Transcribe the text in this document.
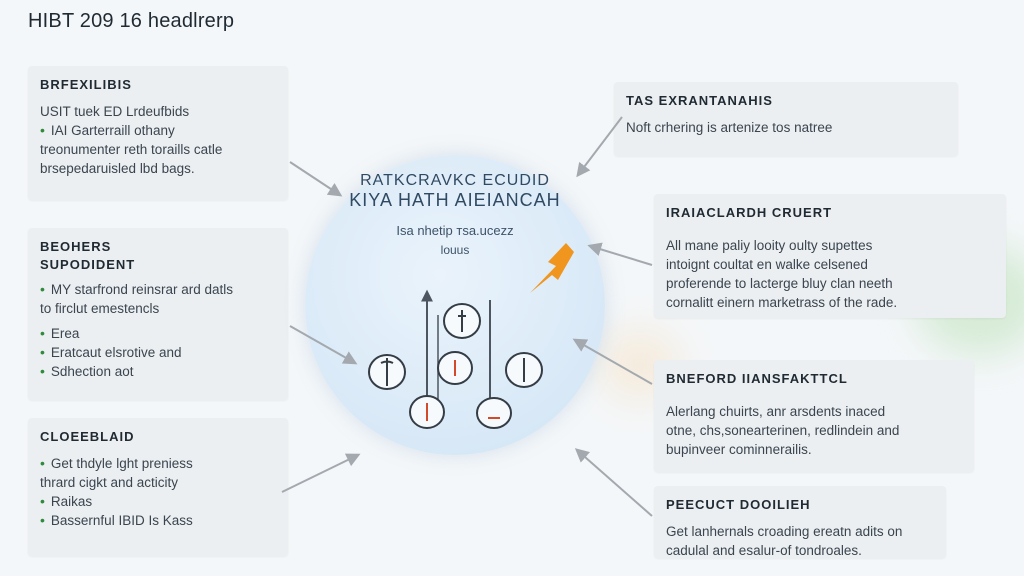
HIBT 209 16 headlrerp
BRFEXILIBIS
USIT tuek ED Lrdeufbids
• IAI Garterraill othany
treonumenter reth toraills catle
brsepedaruisled lbd bags.
BEOHERS
SUPODIDENT
• MY starfrond reinsrar ard datls
to firclut emestencls
• Erea
• Eratcaut elsrotive and
• Sdhection aot
CLOEEBLAID
• Get thdyle lght preniess
thrard cigkt and acticity
• Raikas
• Bassernful IBID Is Kass
TAS EXRANTANAHIS
Noft crhering is artenize tos natree
IRAIACLARDH CRUERT
All mane paliy looity oulty supettes
intoignt coultat en walke celsened
proferende to lacterge bluy clan neeth
cornalitt einern marketrass of the rade.
BNEFORD IIANSFAKTTCL
Alerlang chuirts, anr arsdents inaced
otne, chs,sonearterinen, redlindein and
bupinveer cominnerailis.
PEECUCT DOOILIEH
Get lanhernals croading ereatn adits on
cadulal and esalur-of tondroales.
RATKCRAVKC ECUDID
KIYA HATH AIEIANCAH
Isa nhetip тsa.ucezz
louus
